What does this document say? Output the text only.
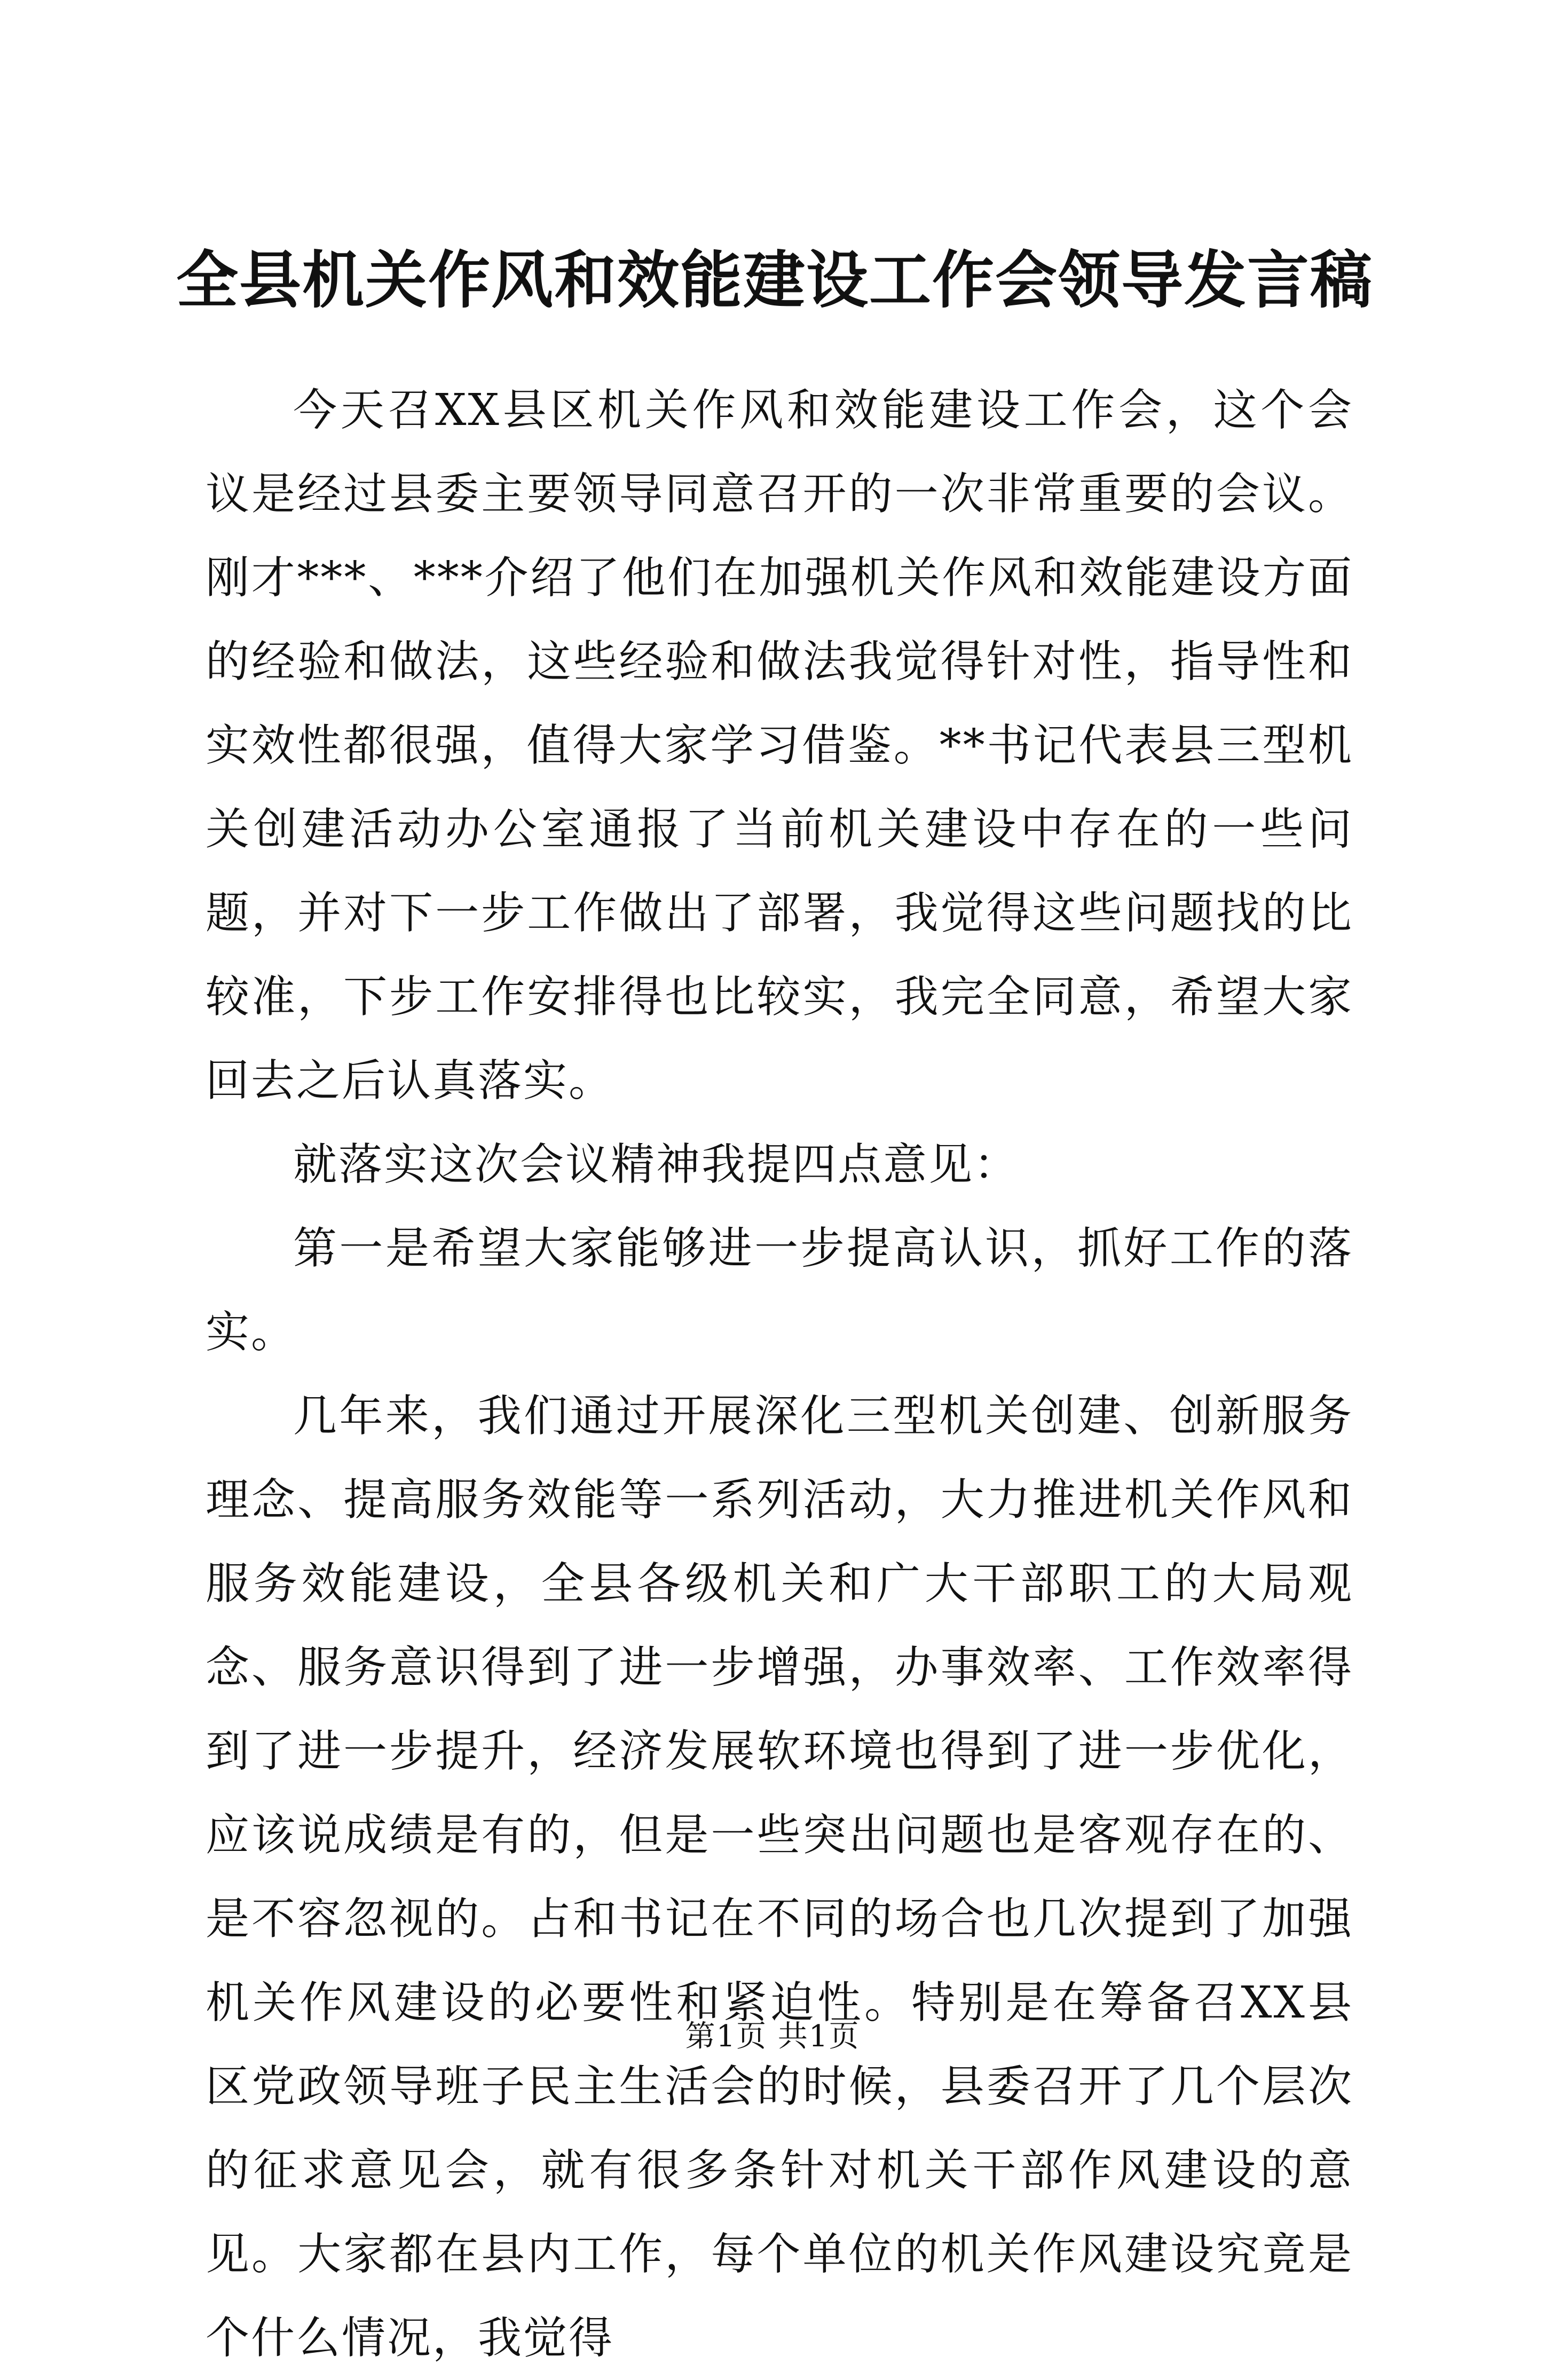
全县机关作风和效能建设工作会领导发言稿

今天召XX县区机关作风和效能建设工作会，这个会议是经过县委主要领导同意召开的一次非常重要的会议。刚才***、***介绍了他们在加强机关作风和效能建设方面的经验和做法，这些经验和做法我觉得针对性，指导性和实效性都很强，值得大家学习借鉴。**书记代表县三型机关创建活动办公室通报了当前机关建设中存在的一些问题，并对下一步工作做出了部署，我觉得这些问题找的比较准，下步工作安排得也比较实，我完全同意，希望大家回去之后认真落实。

就落实这次会议精神我提四点意见：

第一是希望大家能够进一步提高认识，抓好工作的落实。

几年来，我们通过开展深化三型机关创建、创新服务理念、提高服务效能等一系列活动，大力推进机关作风和服务效能建设，全县各级机关和广大干部职工的大局观念、服务意识得到了进一步增强，办事效率、工作效率得到了进一步提升，经济发展软环境也得到了进一步优化，应该说成绩是有的，但是一些突出问题也是客观存在的、是不容忽视的。占和书记在不同的场合也几次提到了加强机关作风建设的必要性和紧迫性。特别是在筹备召XX县区党政领导班子民主生活会的时候，县委召开了几个层次的征求意见会，就有很多条针对机关干部作风建设的意见。大家都在县内工作，每个单位的机关作风建设究竟是个什么情况，我觉得

第1页 共1页
